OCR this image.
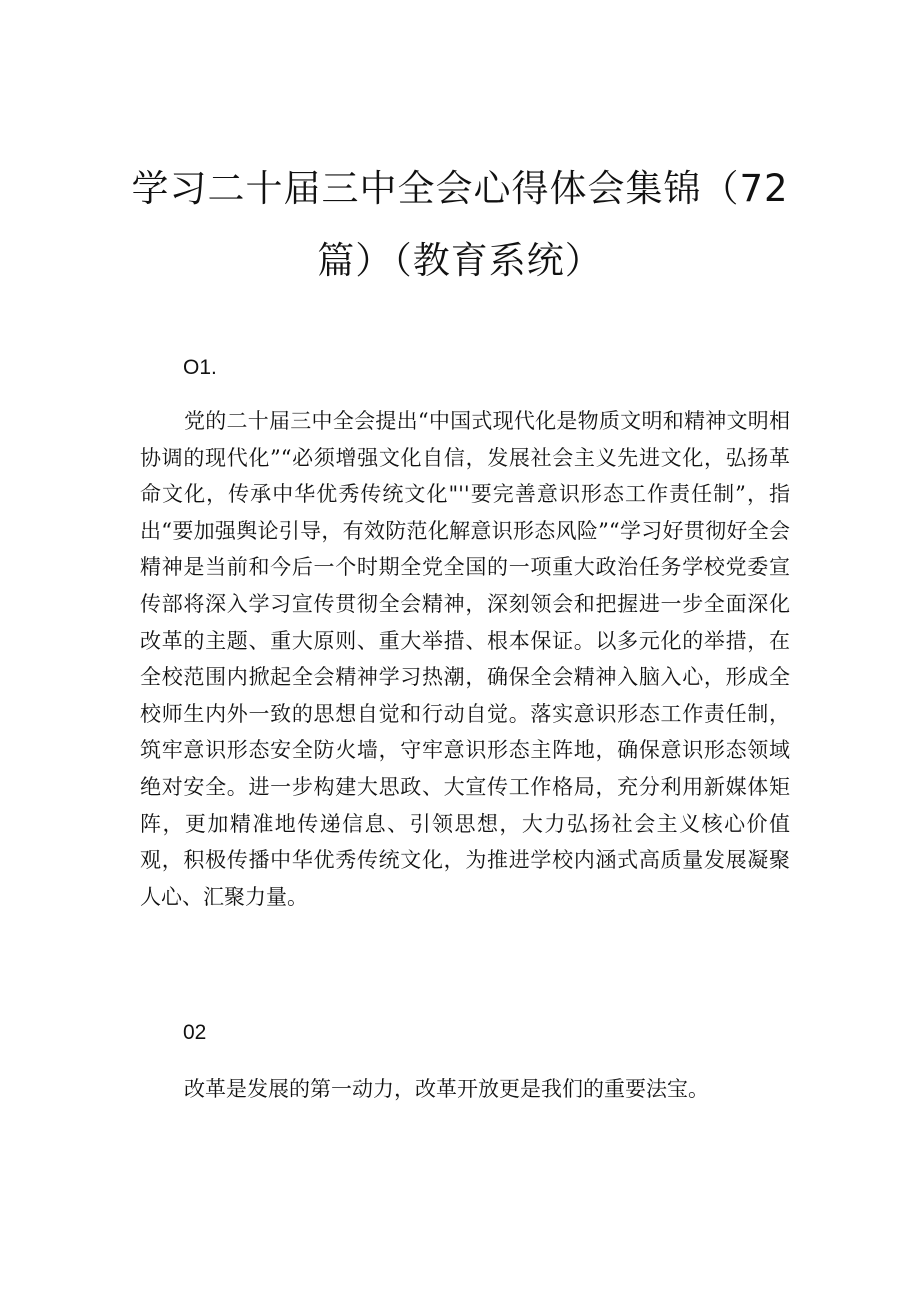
学习二十届三中全会心得体会集锦（72
篇）（教育系统）

O1.

党的二十届三中全会提出“中国式现代化是物质文明和精神文明相协调的现代化”“必须增强文化自信，发展社会主义先进文化，弘扬革命文化，传承中华优秀传统文化"''要完善意识形态工作责任制”，指出“要加强舆论引导，有效防范化解意识形态风险”“学习好贯彻好全会精神是当前和今后一个时期全党全国的一项重大政治任务学校党委宣传部将深入学习宣传贯彻全会精神，深刻领会和把握进一步全面深化改革的主题、重大原则、重大举措、根本保证。以多元化的举措，在全校范围内掀起全会精神学习热潮，确保全会精神入脑入心，形成全校师生内外一致的思想自觉和行动自觉。落实意识形态工作责任制，筑牢意识形态安全防火墙，守牢意识形态主阵地，确保意识形态领域绝对安全。进一步构建大思政、大宣传工作格局，充分利用新媒体矩阵，更加精准地传递信息、引领思想，大力弘扬社会主义核心价值观，积极传播中华优秀传统文化，为推进学校内涵式高质量发展凝聚人心、汇聚力量。

02

改革是发展的第一动力，改革开放更是我们的重要法宝。
